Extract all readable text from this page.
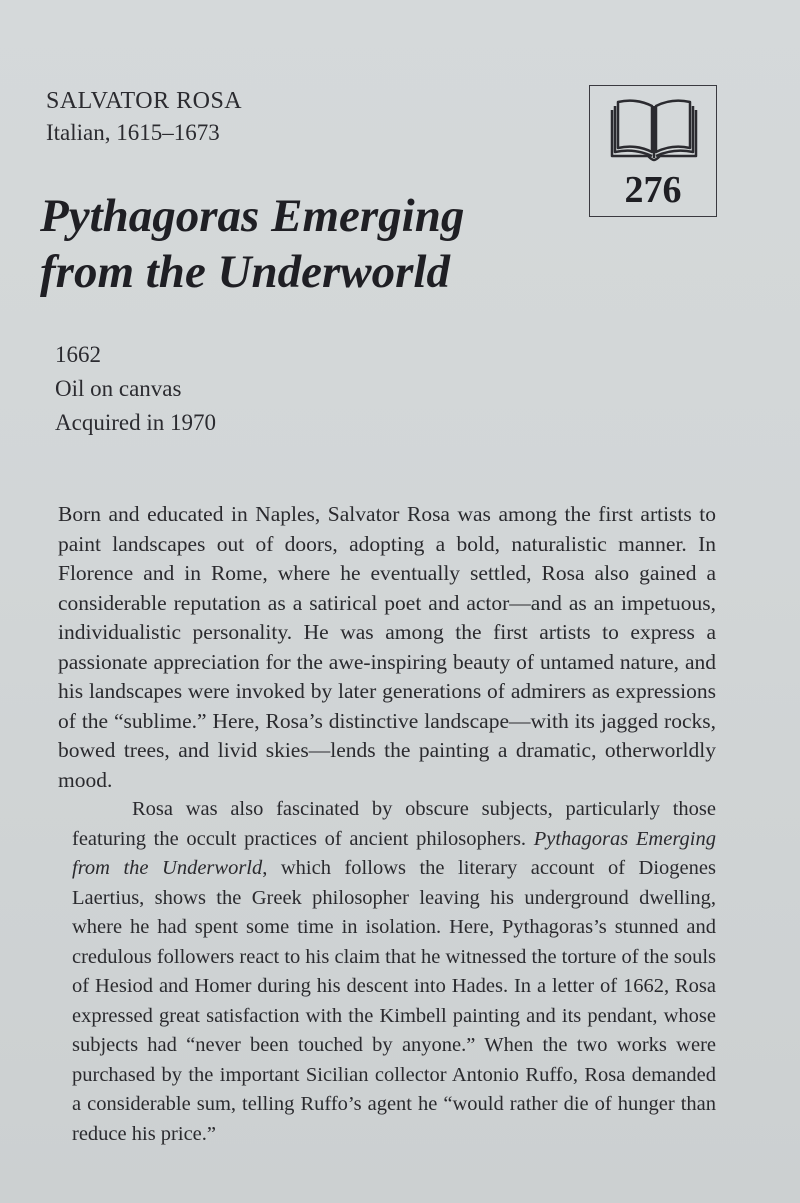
SALVATOR ROSA
Italian, 1615–1673
Pythagoras Emerging
from the Underworld
276
1662
Oil on canvas
Acquired in 1970

Born and educated in Naples, Salvator Rosa was among the first artists to paint landscapes out of doors, adopting a bold, naturalistic manner. In Florence and in Rome, where he eventually settled, Rosa also gained a considerable reputation as a satirical poet and actor—and as an impetuous, individualistic personality. He was among the first artists to express a passionate appreciation for the awe-inspiring beauty of untamed nature, and his landscapes were invoked by later generations of admirers as expressions of the “sublime.” Here, Rosa’s distinctive landscape—with its jagged rocks, bowed trees, and livid skies—lends the painting a dramatic, otherworldly mood.

Rosa was also fascinated by obscure subjects, particularly those featuring the occult practices of ancient philosophers. Pythagoras Emerging from the Underworld, which follows the literary account of Diogenes Laertius, shows the Greek philosopher leaving his underground dwelling, where he had spent some time in isolation. Here, Pythagoras’s stunned and credulous followers react to his claim that he witnessed the torture of the souls of Hesiod and Homer during his descent into Hades. In a letter of 1662, Rosa expressed great satisfaction with the Kimbell painting and its pendant, whose subjects had “never been touched by anyone.” When the two works were purchased by the important Sicilian collector Antonio Ruffo, Rosa demanded a considerable sum, telling Ruffo’s agent he “would rather die of hunger than reduce his price.”
